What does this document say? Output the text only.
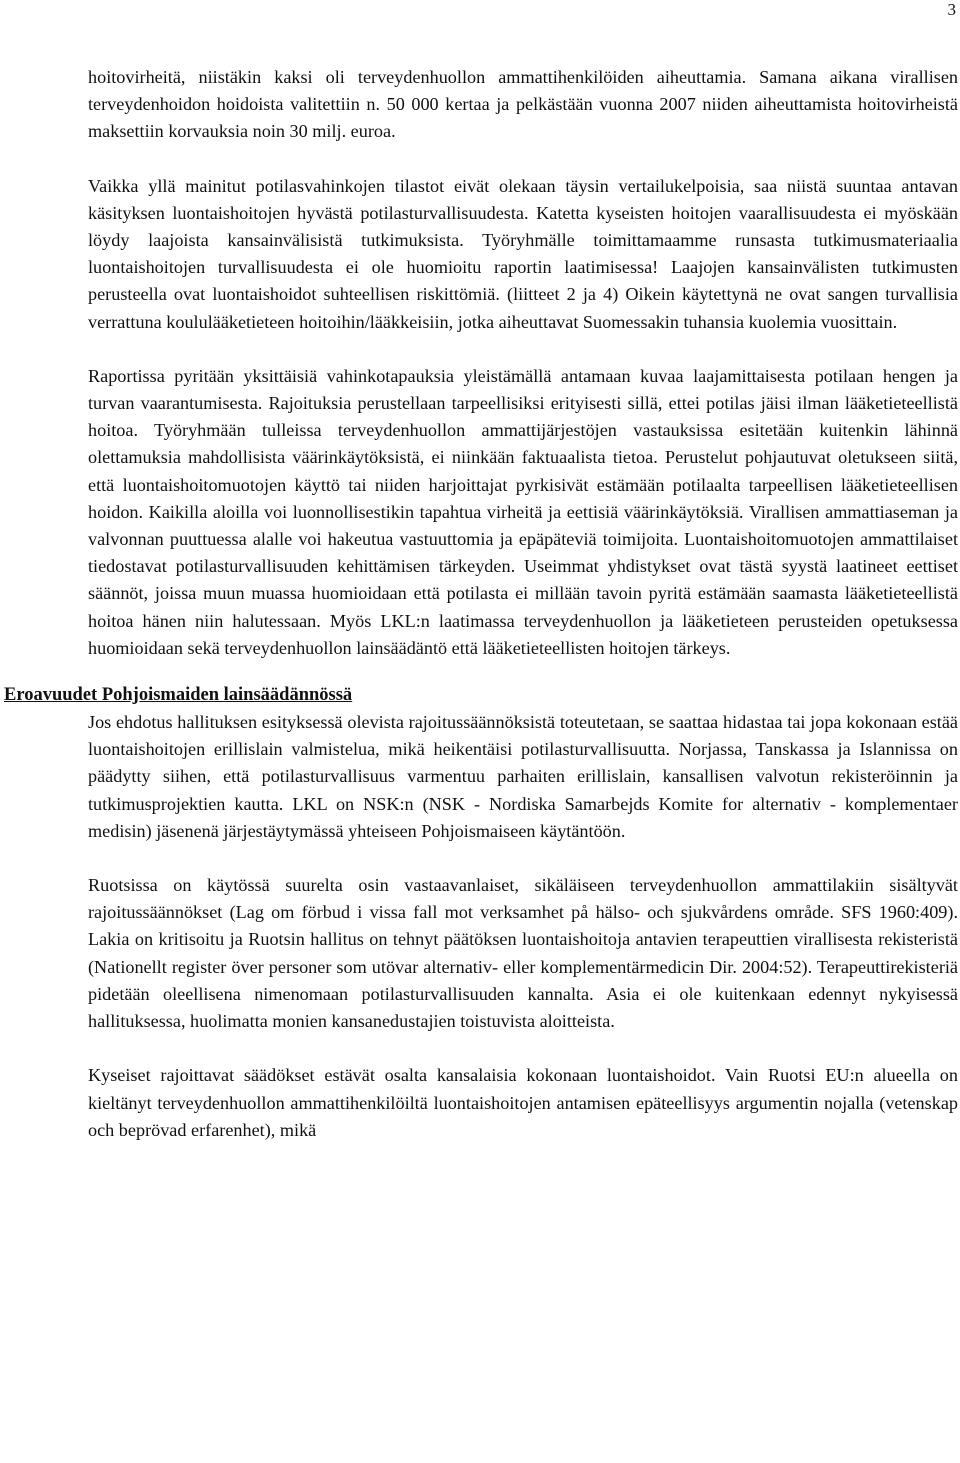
3

hoitovirheitä, niistäkin kaksi oli terveydenhuollon ammattihenkilöiden aiheuttamia. Samana aikana virallisen terveydenhoidon hoidoista valitettiin n. 50 000 kertaa ja pelkästään vuonna 2007 niiden aiheuttamista hoitovirheistä maksettiin korvauksia noin 30 milj. euroa.

Vaikka yllä mainitut potilasvahinkojen tilastot eivät olekaan täysin vertailukelpoisia, saa niistä suuntaa antavan käsityksen luontaishoitojen hyvästä potilasturvallisuudesta. Katetta kyseisten hoitojen vaarallisuudesta ei myöskään löydy laajoista kansainvälisistä tutkimuksista. Työryhmälle toimittamaamme runsasta tutkimusmateriaalia luontaishoitojen turvallisuudesta ei ole huomioitu raportin laatimisessa! Laajojen kansainvälisten tutkimusten perusteella ovat luontaishoidot suhteellisen riskittömiä. (liitteet 2 ja 4) Oikein käytettynä ne ovat sangen turvallisia verrattuna koululääketieteen hoitoihin/lääkkeisiin, jotka aiheuttavat Suomessakin tuhansia kuolemia vuosittain.

Raportissa pyritään yksittäisiä vahinkotapauksia yleistämällä antamaan kuvaa laajamittaisesta potilaan hengen ja turvan vaarantumisesta. Rajoituksia perustellaan tarpeellisiksi erityisesti sillä, ettei potilas jäisi ilman lääketieteellistä hoitoa. Työryhmään tulleissa terveydenhuollon ammattijärjestöjen vastauksissa esitetään kuitenkin lähinnä olettamuksia mahdollisista väärinkäytöksistä, ei niinkään faktuaalista tietoa. Perustelut pohjautuvat oletukseen siitä, että luontaishoitomuotojen käyttö tai niiden harjoittajat pyrkisivät estämään potilaalta tarpeellisen lääketieteellisen hoidon. Kaikilla aloilla voi luonnollisestikin tapahtua virheitä ja eettisiä väärinkäytöksiä. Virallisen ammattiaseman ja valvonnan puuttuessa alalle voi hakeutua vastuuttomia ja epäpäteviä toimijoita. Luontaishoitomuotojen ammattilaiset tiedostavat potilasturvallisuuden kehittämisen tärkeyden. Useimmat yhdistykset ovat tästä syystä laatineet eettiset säännöt, joissa muun muassa huomioidaan että potilasta ei millään tavoin pyritä estämään saamasta lääketieteellistä hoitoa hänen niin halutessaan. Myös LKL:n laatimassa terveydenhuollon ja lääketieteen perusteiden opetuksessa huomioidaan sekä terveydenhuollon lainsäädäntö että lääketieteellisten hoitojen tärkeys.

Eroavuudet Pohjoismaiden lainsäädännössä

Jos ehdotus hallituksen esityksessä olevista rajoitussäännöksistä toteutetaan, se saattaa hidastaa tai jopa kokonaan estää luontaishoitojen erillislain valmistelua, mikä heikentäisi potilasturvallisuutta. Norjassa, Tanskassa ja Islannissa on päädytty siihen, että potilasturvallisuus varmentuu parhaiten erillislain, kansallisen valvotun rekisteröinnin ja tutkimusprojektien kautta. LKL on NSK:n (NSK - Nordiska Samarbejds Komite for alternativ - komplementaer medisin) jäsenenä järjestäytymässä yhteiseen Pohjoismaiseen käytäntöön.

Ruotsissa on käytössä suurelta osin vastaavanlaiset, sikäläiseen terveydenhuollon ammattilakiin sisältyvät rajoitussäännökset (Lag om förbud i vissa fall mot verksamhet på hälso- och sjukvårdens område. SFS 1960:409). Lakia on kritisoitu ja Ruotsin hallitus on tehnyt päätöksen luontaishoitoja antavien terapeuttien virallisesta rekisteristä (Nationellt register över personer som utövar alternativ- eller komplementärmedicin Dir. 2004:52). Terapeuttirekisteriä pidetään oleellisena nimenomaan potilasturvallisuuden kannalta. Asia ei ole kuitenkaan edennyt nykyisessä hallituksessa, huolimatta monien kansanedustajien toistuvista aloitteista.

Kyseiset rajoittavat säädökset estävät osalta kansalaisia kokonaan luontaishoidot. Vain Ruotsi EU:n alueella on kieltänyt terveydenhuollon ammattihenkilöiltä luontaishoitojen antamisen epäteellisyys argumentin nojalla (vetenskap och beprövad erfarenhet), mikä
